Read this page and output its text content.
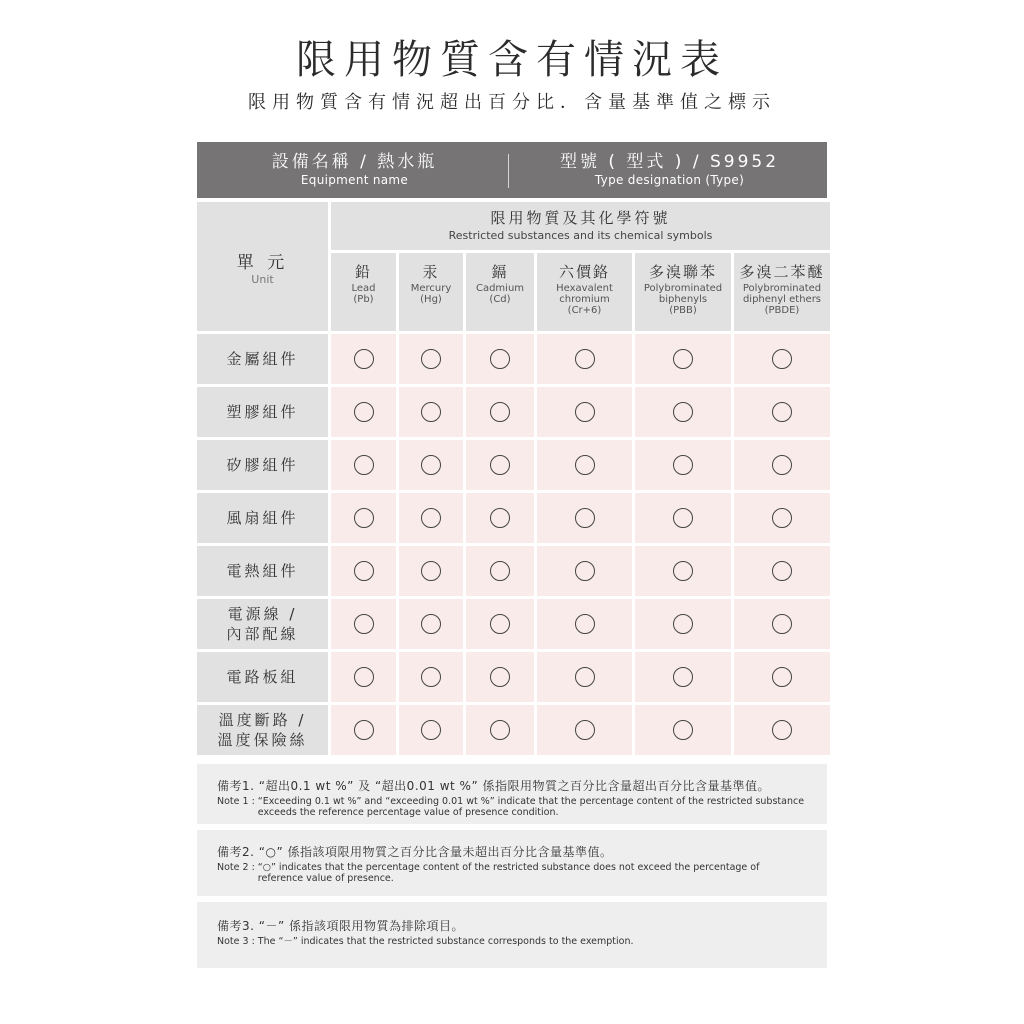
限用物質含有情況表
限用物質含有情況超出百分比．含量基準值之標示
設備名稱 / 熱水瓶
Equipment name
型號 ( 型式 ) / S9952
Type designation (Type)
單 元
Unit
限用物質及其化學符號
Restricted substances and its chemical symbols
鉛
Lead
(Pb)
汞
Mercury
(Hg)
鎘
Cadmium
(Cd)
六價鉻
Hexavalent
chromium
(Cr+6)
多溴聯苯
Polybrominated
biphenyls
(PBB)
多溴二苯醚
Polybrominated
diphenyl ethers
(PBDE)
金屬組件
塑膠組件
矽膠組件
風扇組件
電熱組件
電源線 /
內部配線
電路板組
溫度斷路 /
溫度保險絲
備考1. “超出0.1 wt %” 及 “超出0.01 wt %” 係指限用物質之百分比含量超出百分比含量基準值。
Note 1 : “Exceeding 0.1 wt %” and “exceeding 0.01 wt %” indicate that the percentage content of the restricted substance exceeds the reference percentage value of presence condition.
備考2. “○” 係指該項限用物質之百分比含量未超出百分比含量基準值。
Note 2 : “○” indicates that the percentage content of the restricted substance does not exceed the percentage of reference value of presence.
備考3. “－” 係指該項限用物質為排除項目。
Note 3 : The “－” indicates that the restricted substance corresponds to the exemption.
